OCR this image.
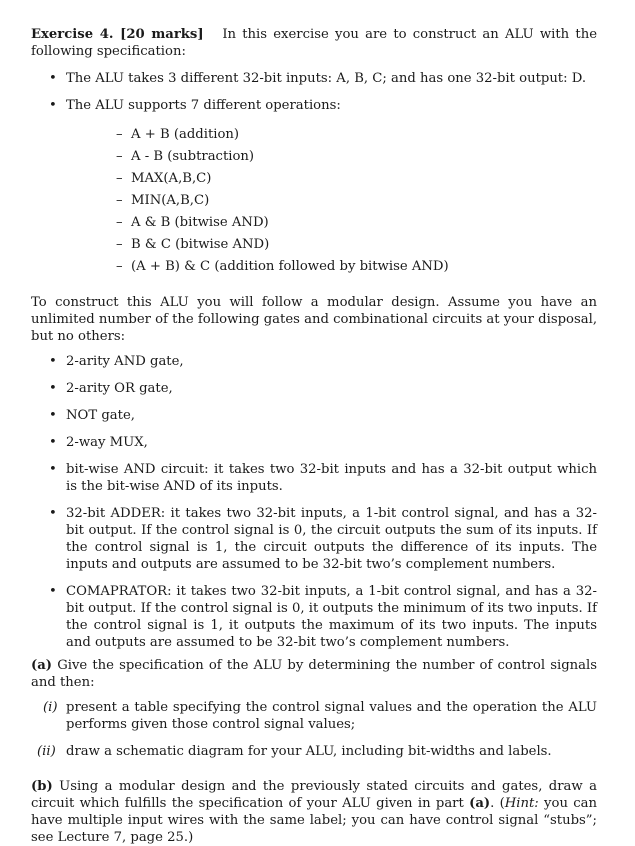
Exercise 4. [20 marks] In this exercise you are to construct an ALU with the following specification:

• The ALU takes 3 different 32-bit inputs: A, B, C; and has one 32-bit output: D.
• The ALU supports 7 different operations:
– A + B (addition)
– A - B (subtraction)
– MAX(A,B,C)
– MIN(A,B,C)
– A & B (bitwise AND)
– B & C (bitwise AND)
– (A + B) & C (addition followed by bitwise AND)

To construct this ALU you will follow a modular design. Assume you have an unlimited number of the following gates and combinational circuits at your disposal, but no others:

• 2-arity AND gate,
• 2-arity OR gate,
• NOT gate,
• 2-way MUX,
• bit-wise AND circuit: it takes two 32-bit inputs and has a 32-bit output which is the bit-wise AND of its inputs.
• 32-bit ADDER: it takes two 32-bit inputs, a 1-bit control signal, and has a 32-bit output. If the control signal is 0, the circuit outputs the sum of its inputs. If the control signal is 1, the circuit outputs the difference of its inputs. The inputs and outputs are assumed to be 32-bit two’s complement numbers.
• COMAPRATOR: it takes two 32-bit inputs, a 1-bit control signal, and has a 32-bit output. If the control signal is 0, it outputs the minimum of its two inputs. If the control signal is 1, it outputs the maximum of its two inputs. The inputs and outputs are assumed to be 32-bit two’s complement numbers.

(a) Give the specification of the ALU by determining the number of control signals and then:

(i) present a table specifying the control signal values and the operation the ALU performs given those control signal values;
(ii) draw a schematic diagram for your ALU, including bit-widths and labels.

(b) Using a modular design and the previously stated circuits and gates, draw a circuit which fulfills the specification of your ALU given in part (a). (Hint: you can have multiple input wires with the same label; you can have control signal “stubs”; see Lecture 7, page 25.)
